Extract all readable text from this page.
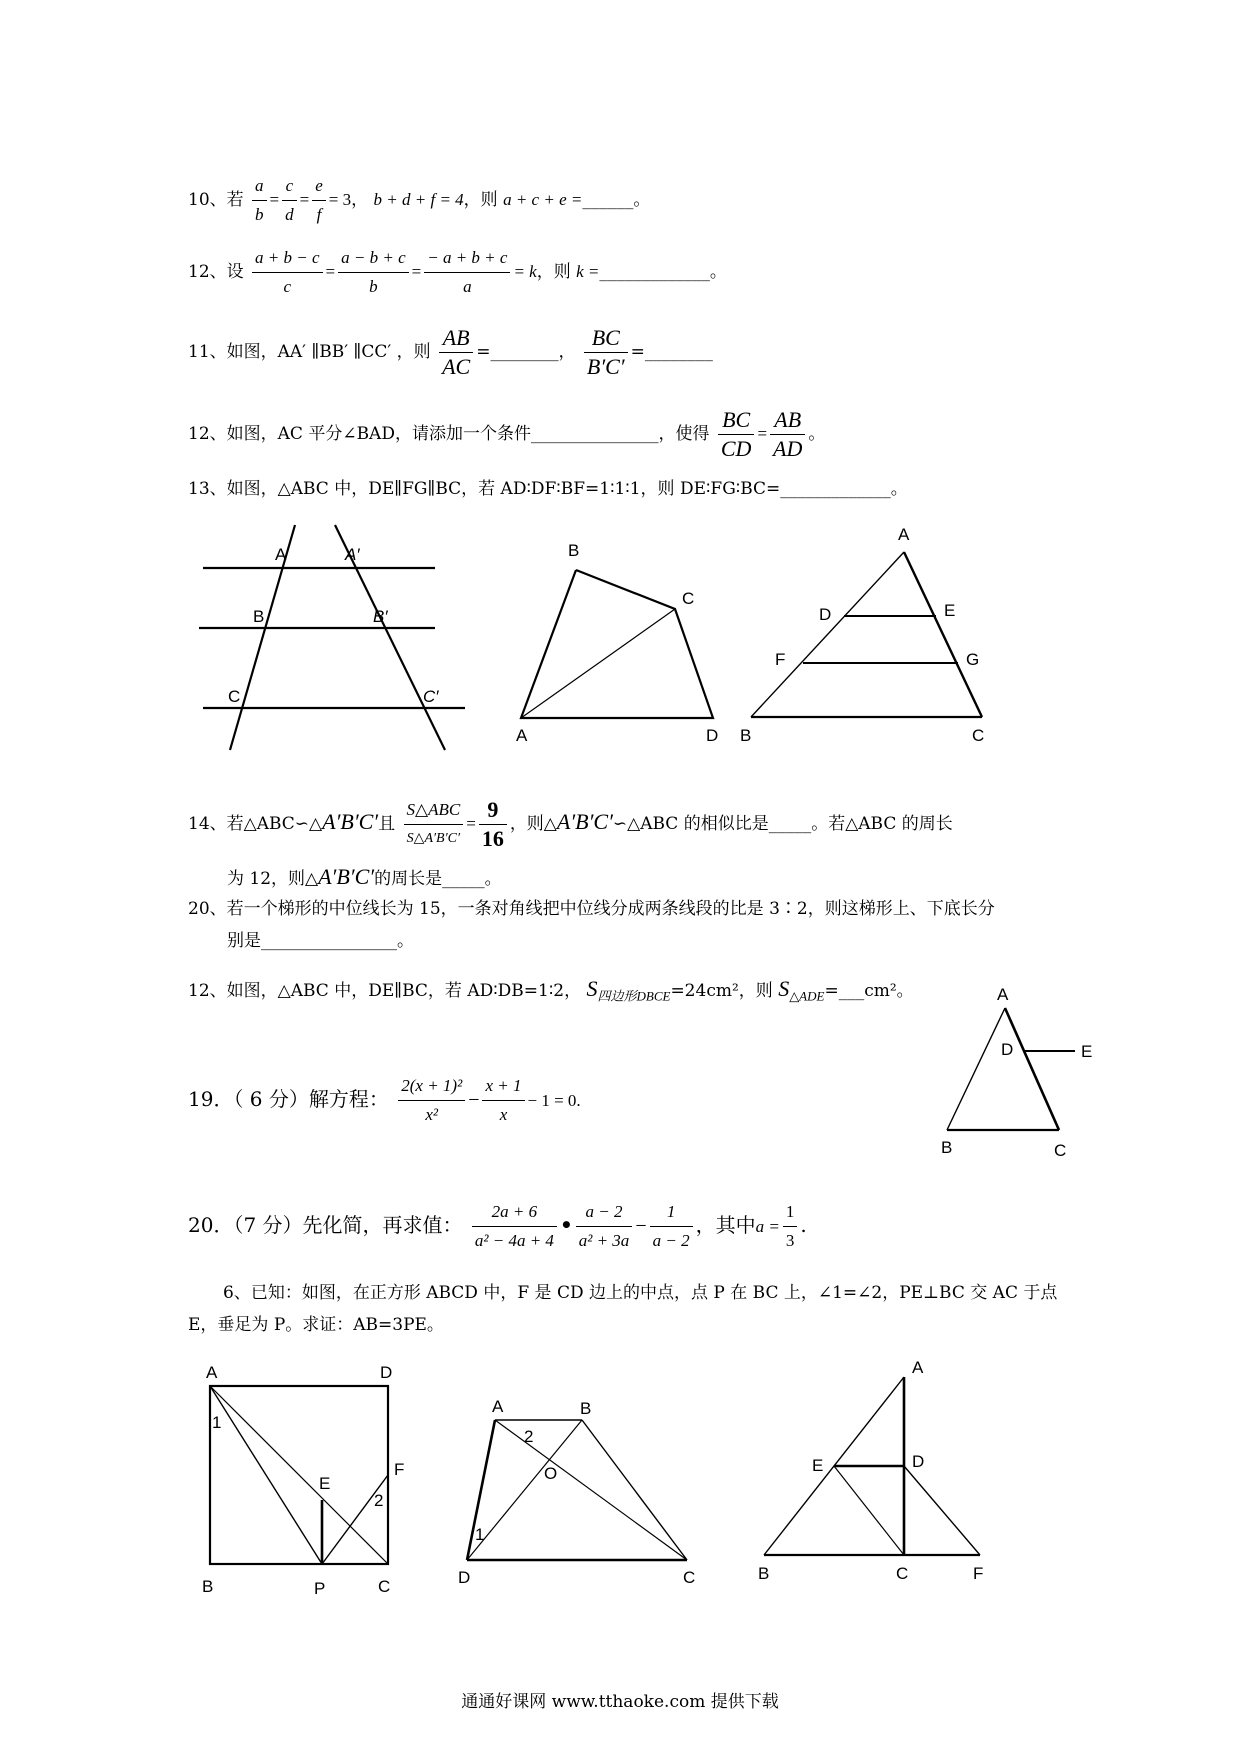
10、若 $\frac{a}{b} = \frac{c}{d} = \frac{e}{f} = 3$， b + d + f = 4，则 a + c + e =______。
12、设 $\frac{a + b - c}{c} = \frac{a - b + c}{b} = \frac{- a + b + c}{a} = k$，则 k =_____________。
11、如图，AA′ ∥BB′ ∥CC′ ，则 $\frac{AB}{AC}$ =________， $\frac{BC}{B'C'}$ =________
12、如图，AC 平分∠BAD，请添加一个条件_______________，使得 $\frac{BC}{CD} = \frac{AB}{AD}$ 。
13、如图，△ABC 中，DE∥FG∥BC，若 AD∶DF∶BF=1∶1∶1，则 DE∶FG∶BC=_____________。
A	A′
B	B′
C	C′
B
C
A	D
A
D	E
F	G
B	C
14、若△ABC∽△A′B′C′且 $\frac{\text{S△ABC}}{S\triangle A'B'C'} = \frac{9}{16}$ ，则△A′B′C′∽△ABC 的相似比是_____。若△ABC 的周长
为 12，则△A′B′C′的周长是_____。
20、若一个梯形的中位线长为 15，一条对角线把中位线分成两条线段的比是 3∶2，则这梯形上、下底长分
别是________________。
12、如图，△ABC 中，DE∥BC，若 AD∶DB=1∶2， $S_{四边形DBCE}=24cm^2$，则 $S_{\triangle ADE}=\_\_\_cm^2$。	A
D	E
B	C
19．（ 6 分）解方程： $\frac{\text{2(x + 1)²}}{\text{x²}} - \frac{x + 1}{x} - 1 = 0$.
20．（7 分）先化简，再求值： $\frac{2a + 6}{\text{a² − 4a + 4}}$ • $\frac{a - 2}{\text{a² + 3a}} - \frac{1}{a - 2}$ ，其中$a = \frac{1}{3}$ .
6、已知：如图，在正方形 ABCD 中，F 是 CD 边上的中点，点 P 在 BC 上，∠1=∠2，PE⊥BC 交 AC 于点
E，垂足为 P。求证：AB=3PE。
A	D
1
E
F
2
B	P	C
A	B
2
O
1
D	C
A
E	D
B	C	F
通通好课网 www.tthaoke.com 提供下载
